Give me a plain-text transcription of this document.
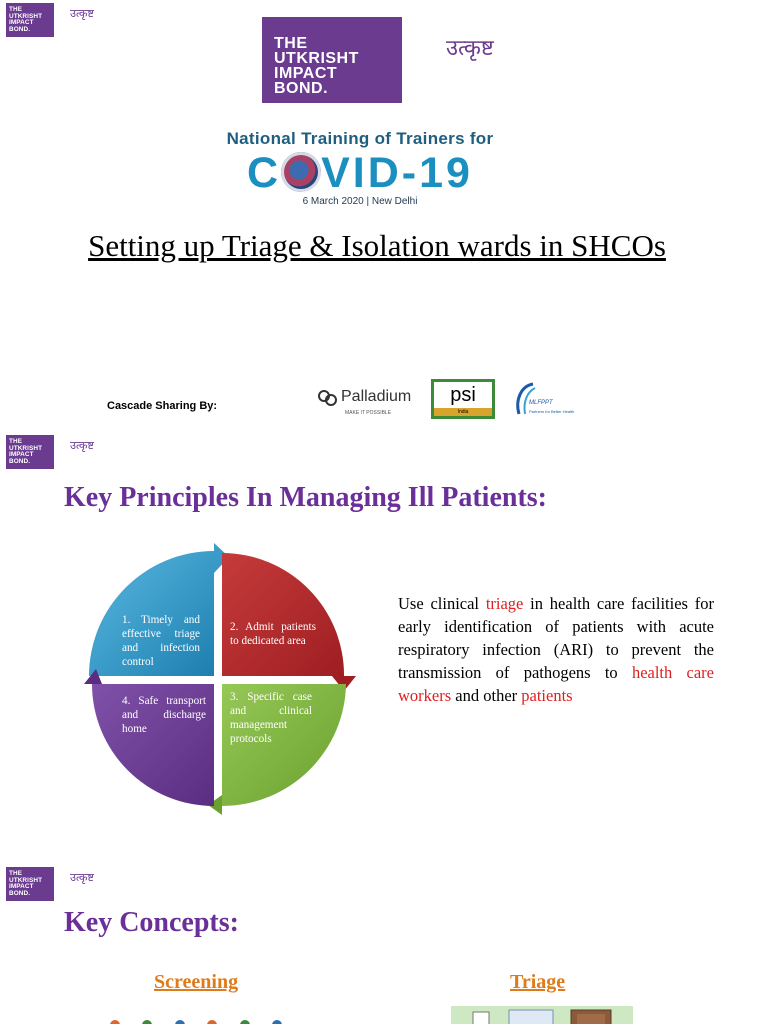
THE
UTKRISHT
IMPACT
BOND.
उत्कृष्ट
THE
UTKRISHT
IMPACT
BOND.
उत्कृष्ट
National Training of Trainers for
C VID-19
6 March 2020 | New Delhi
Setting up Triage & Isolation wards in SHCOs
Cascade Sharing By:
Palladium
MAKE IT POSSIBLE
psi
India
MLFPPT
Partners for Better Health
THE
UTKRISHT
IMPACT
BOND.
उत्कृष्ट
Key Principles In Managing Ill Patients:
1. Timely and effective triage and infection control
2. Admit patients to dedicated area
3. Specific case and clinical management protocols
4. Safe transport and discharge home
Use clinical triage in health care facilities for early identification of patients with acute respiratory infection (ARI) to prevent the transmission of pathogens to health care workers and other patients
THE
UTKRISHT
IMPACT
BOND.
उत्कृष्ट
Key Concepts:
Screening	Triage
